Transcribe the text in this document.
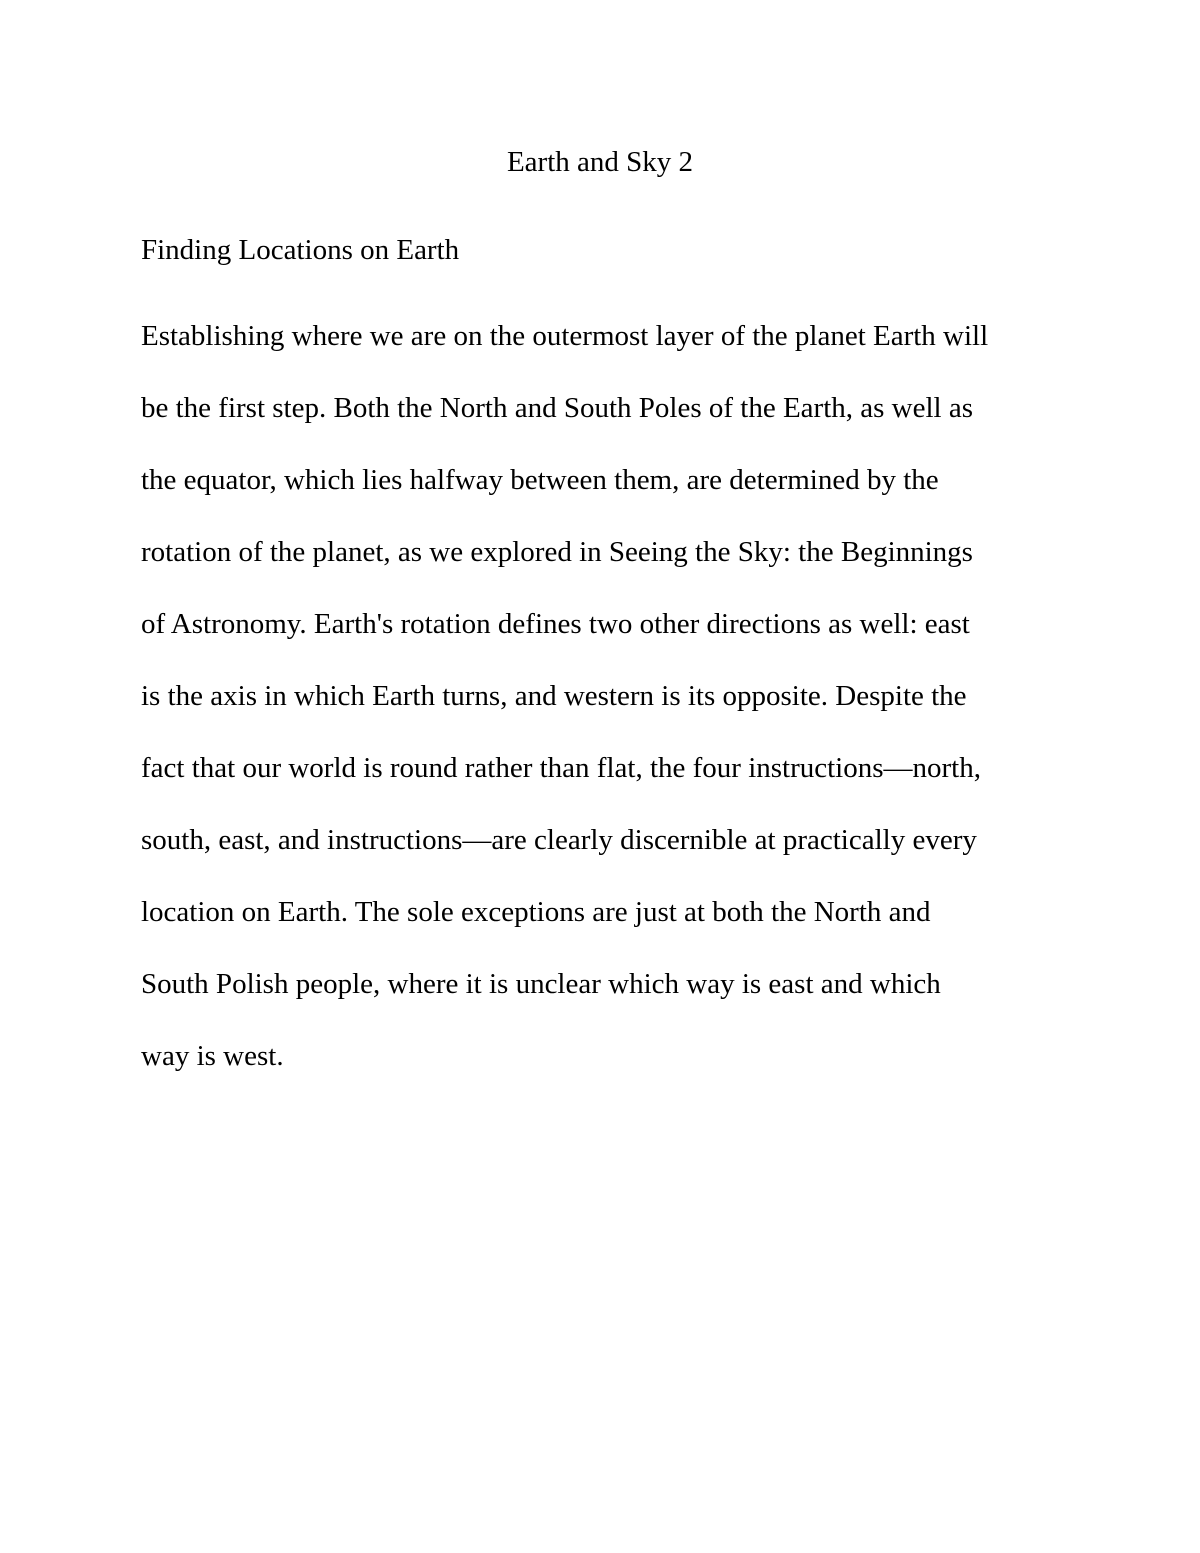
Earth and Sky 2
Finding Locations on Earth
Establishing where we are on the outermost layer of the planet Earth will
be the first step. Both the North and South Poles of the Earth, as well as
the equator, which lies halfway between them, are determined by the
rotation of the planet, as we explored in Seeing the Sky: the Beginnings
of Astronomy. Earth's rotation defines two other directions as well: east
is the axis in which Earth turns, and western is its opposite. Despite the
fact that our world is round rather than flat, the four instructions—north,
south, east, and instructions—are clearly discernible at practically every
location on Earth. The sole exceptions are just at both the North and
South Polish people, where it is unclear which way is east and which
way is west.
